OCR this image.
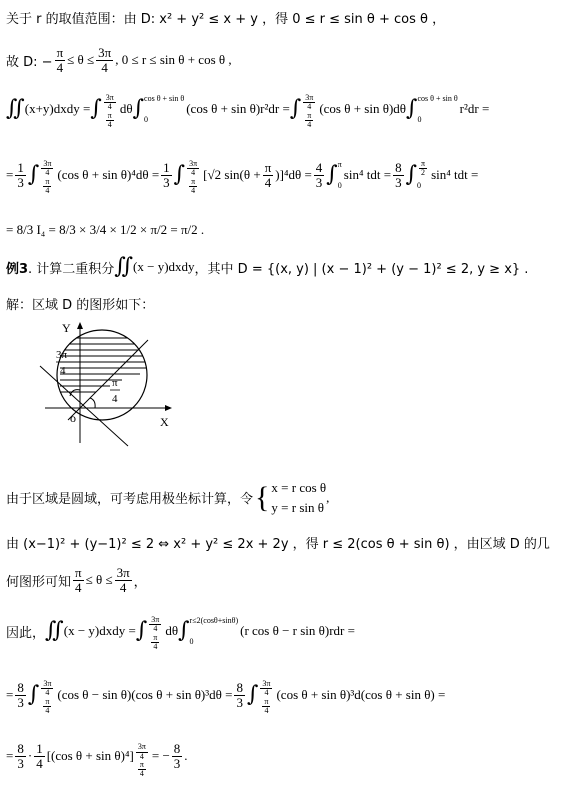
关于 r 的取值范围：由 D: x² + y² ≤ x + y ，得 0 ≤ r ≤ sin θ + cos θ ，
故 D: − $\frac{\pi}{4} \le \theta \le \frac{3\pi}{4}$ , 0 ≤ r ≤ sin θ + cos θ ,
∬ (x+y)dxdy = ∫ $\frac{3\pi}{4}$
$\frac{\pi}{4}$
dθ ∫ cos θ + sin θ
0
(cos θ + sin θ)r²dr = ∫ $\frac{3\pi}{4}$
$\frac{\pi}{4}$
(cos θ + sin θ)dθ ∫ cos θ + sin θ
0
r²dr =
= $\frac{1}{3}$ ∫ $\frac{3\pi}{4}$
$\frac{\pi}{4}$
(cos $\theta + \sin \theta)^4d\theta = \frac{1}{3}$ ∫ $\frac{3\pi}{4}$
$\frac{\pi}{4}$
[√2 $\sin(\theta + \frac{\pi}{4} )]^4d\theta = \frac{4}{3}$ ∫ π
0
sin⁴ tdt = $\frac{8}{3}$ ∫ $\frac{\pi}{2}$
0
sin⁴ tdt =
= 8/3 I₄ = 8/3 × 3/4 × 1/2 × π/2 = π/2 .
例3 . 计算二重积分 ∬ (x − y)dxdy ，其中 D = {(x, y) | (x − 1)² + (y − 1)² ≤ 2, y ≥ x} .
解：区域 D 的图形如下：
Y
X
o
3π
4
π
4
由于区域是圆域，可考虑用极坐标计算，令 { x = r cos θ
y = r sin θ
,
由 (x−1)² + (y−1)² ≤ 2 ⇔ x² + y² ≤ 2x + 2y ，得 r ≤ 2(cos θ + sin θ) ，由区域 D 的几
何图形可知 $\frac{\pi}{4} \le \theta \le \frac{3\pi}{4}$ ，
因此， ∬ (x − y)dxdy = ∫ $\frac{3\pi}{4}$
$\frac{\pi}{4}$
dθ ∫ r≤2(cosθ+sinθ)
0
(r cos θ − r sin θ)rdr =
= $\frac{8}{3}$ ∫ $\frac{3\pi}{4}$
$\frac{\pi}{4}$
(cos θ − sin θ)(cos $\theta + \sin \theta)^3d\theta = \frac{8}{3}$ ∫ $\frac{3\pi}{4}$
$\frac{\pi}{4}$
(cos θ + sin θ)³d(cos θ + sin θ) =
= $\frac{8}{3} \cdot \frac{1}{4} [(\cos$ $\theta + \sin \theta)^4] \frac{3\pi}{4}$
$\frac{\pi}{4}$
= − $\frac{8}{3}$ .
